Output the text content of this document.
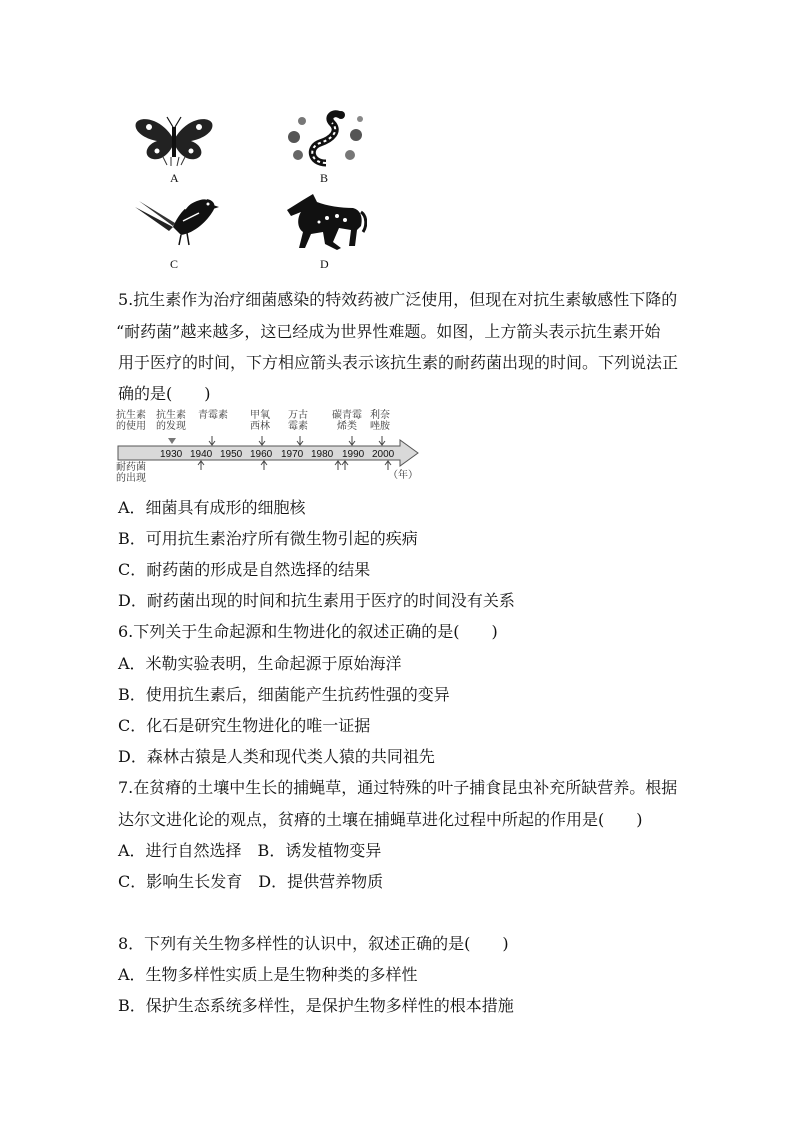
A	B
C	D
5.抗生素作为治疗细菌感染的特效药被广泛使用，但现在对抗生素敏感性下降的
“耐药菌”越来越多，这已经成为世界性难题。如图，上方箭头表示抗生素开始
用于医疗的时间，下方相应箭头表示该抗生素的耐药菌出现的时间。下列说法正
确的是(　　)
抗生素
的使用
抗生素
的发现
青霉素 甲氧
西林
万古
霉素
碳青霉
烯类
利奈
唑胺
耐药菌
的出现
1930 1940 1950 1960 1970 1980 1990 2000
（年）
A．细菌具有成形的细胞核
B．可用抗生素治疗所有微生物引起的疾病
C．耐药菌的形成是自然选择的结果
D．耐药菌出现的时间和抗生素用于医疗的时间没有关系
6.下列关于生命起源和生物进化的叙述正确的是(　　)
A．米勒实验表明，生命起源于原始海洋
B．使用抗生素后，细菌能产生抗药性强的变异
C．化石是研究生物进化的唯一证据
D．森林古猿是人类和现代类人猿的共同祖先
7.在贫瘠的土壤中生长的捕蝇草，通过特殊的叶子捕食昆虫补充所缺营养。根据
达尔文进化论的观点，贫瘠的土壤在捕蝇草进化过程中所起的作用是(　　)
A．进行自然选择　B．诱发植物变异
C．影响生长发育　D．提供营养物质
8．下列有关生物多样性的认识中，叙述正确的是(　　)
A．生物多样性实质上是生物种类的多样性
B．保护生态系统多样性，是保护生物多样性的根本措施
